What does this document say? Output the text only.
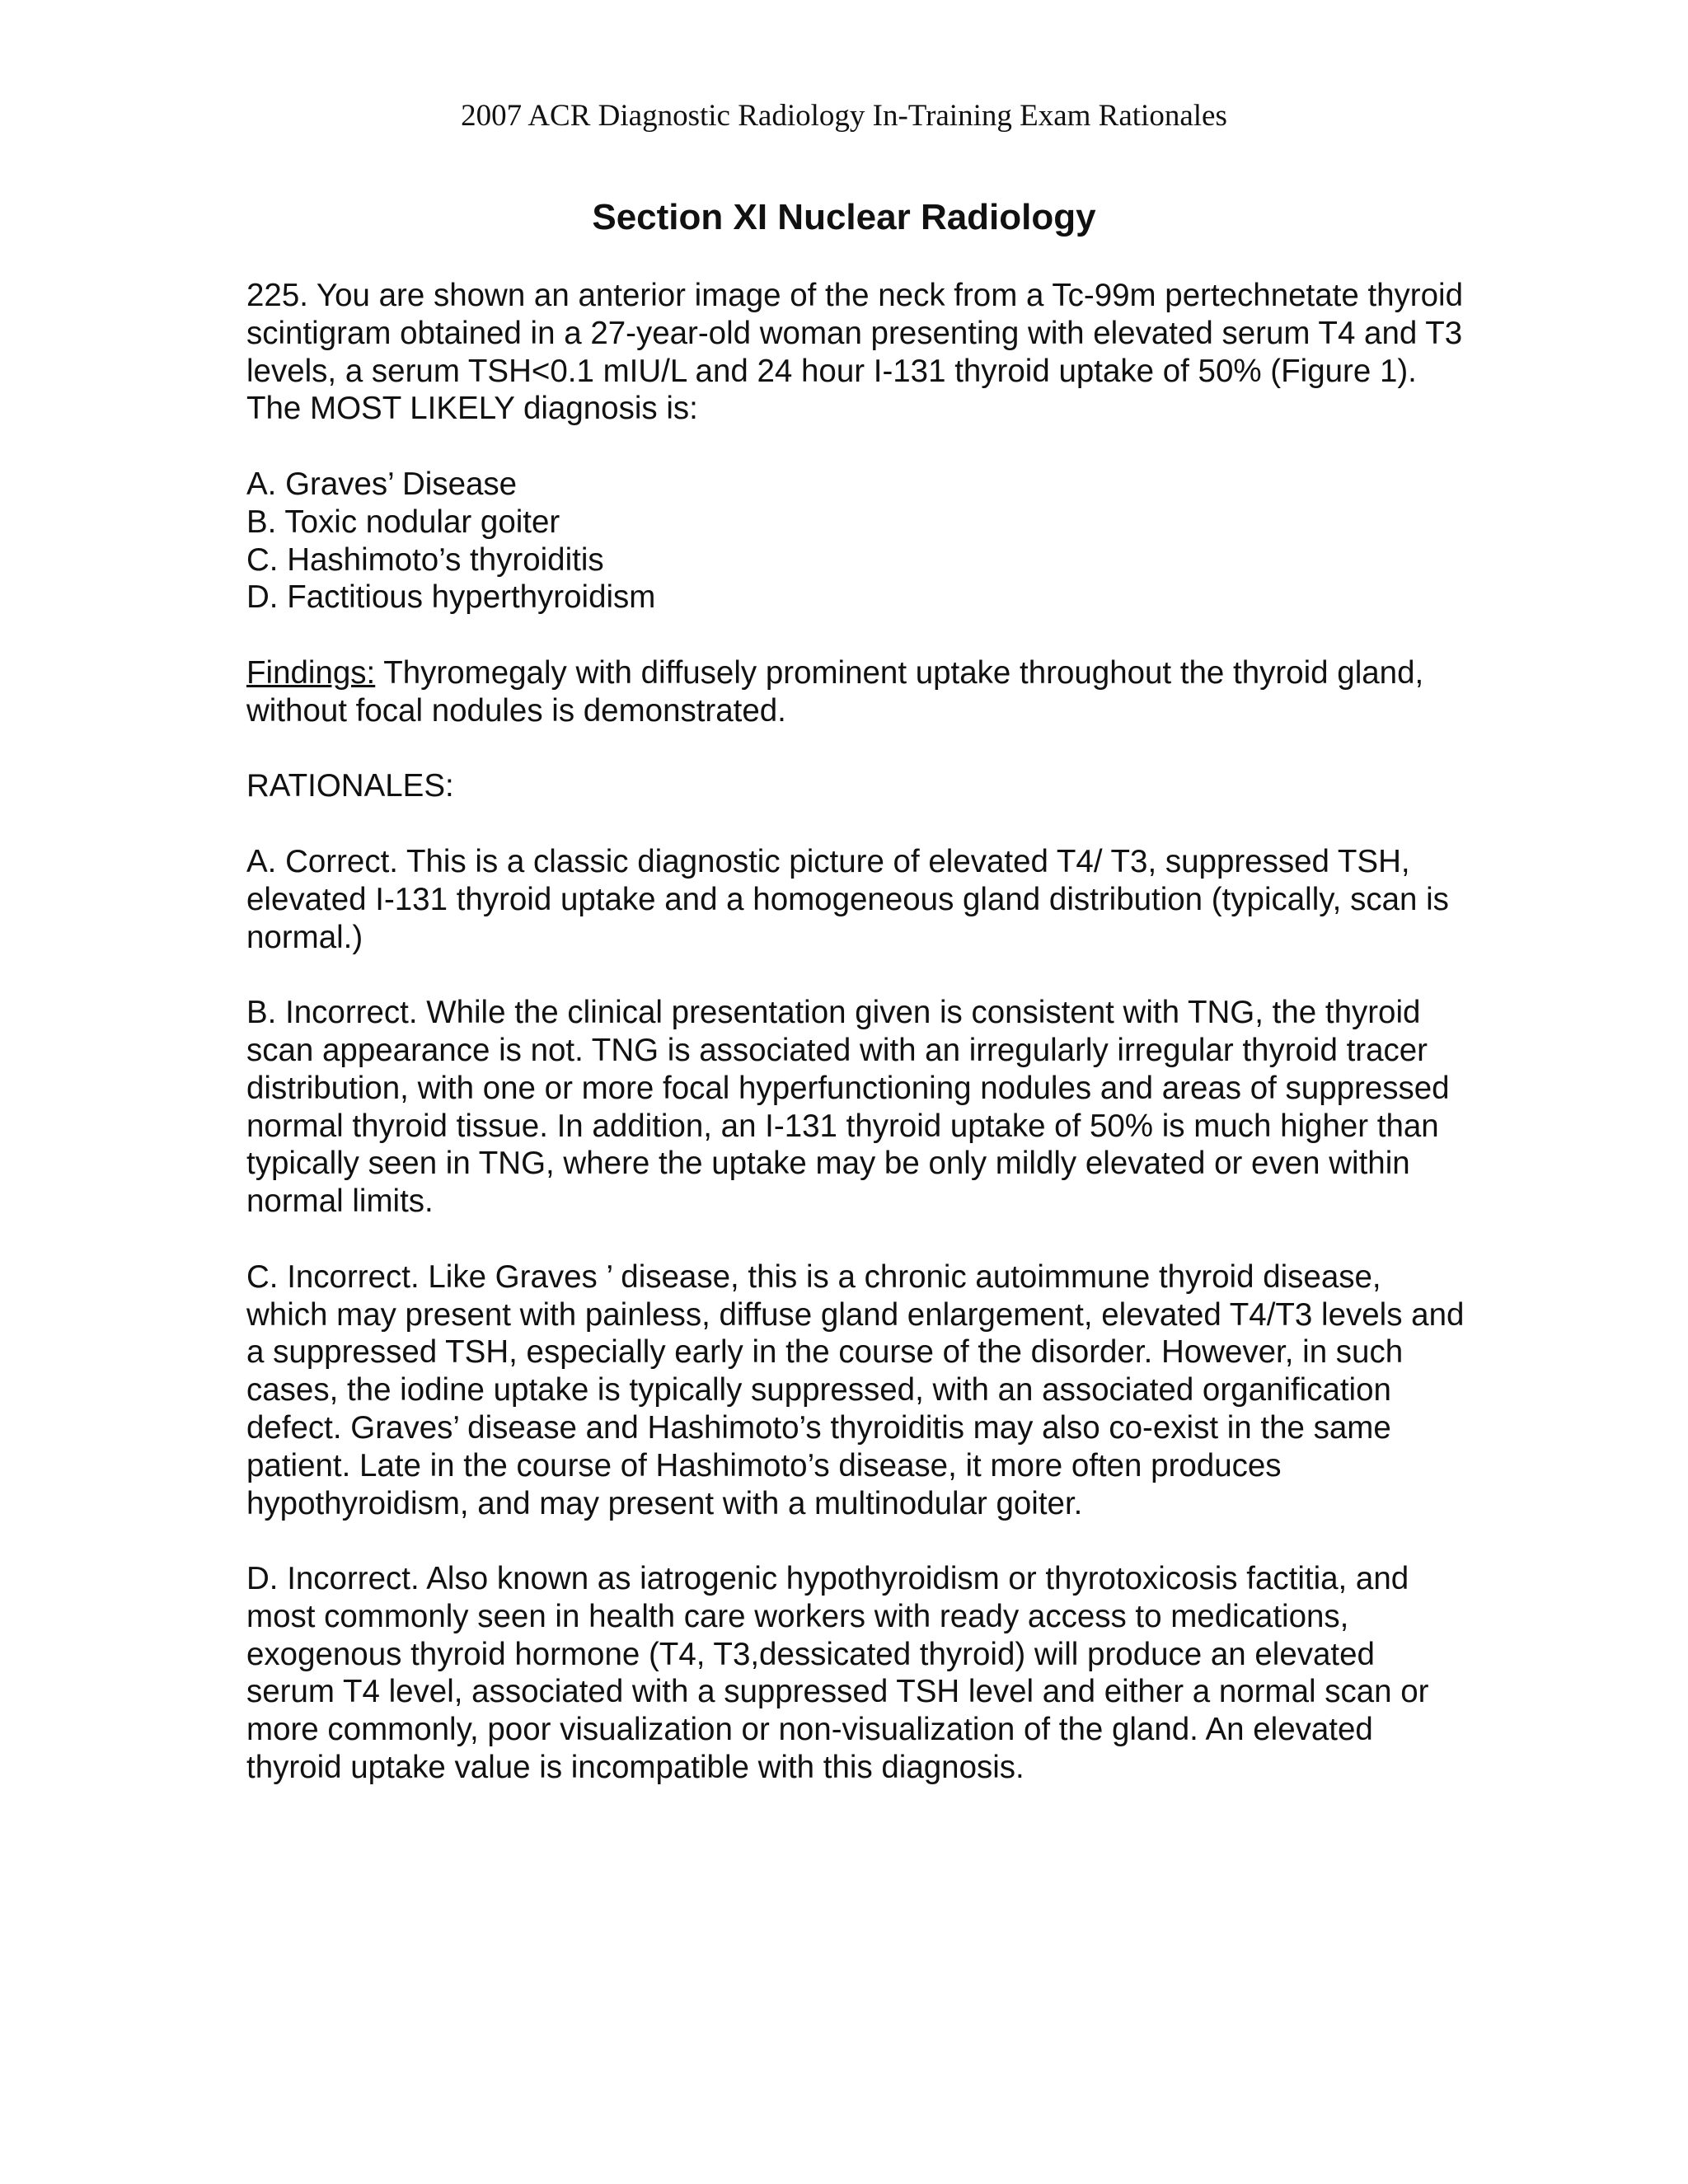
2007 ACR Diagnostic Radiology In-Training Exam Rationales
Section XI Nuclear Radiology

225. You are shown an anterior image of the neck from a Tc-99m pertechnetate thyroid scintigram obtained in a 27-year-old woman presenting with elevated serum T4 and T3 levels, a serum TSH<0.1 mIU/L and 24 hour I-131 thyroid uptake of 50% (Figure 1). The MOST LIKELY diagnosis is:

A. Graves’ Disease
B. Toxic nodular goiter
C. Hashimoto’s thyroiditis
D. Factitious hyperthyroidism

Findings: Thyromegaly with diffusely prominent uptake throughout the thyroid gland, without focal nodules is demonstrated.

RATIONALES:

A. Correct. This is a classic diagnostic picture of elevated T4/ T3, suppressed TSH, elevated I-131 thyroid uptake and a homogeneous gland distribution (typically, scan is normal.)

B. Incorrect. While the clinical presentation given is consistent with TNG, the thyroid scan appearance is not. TNG is associated with an irregularly irregular thyroid tracer distribution, with one or more focal hyperfunctioning nodules and areas of suppressed normal thyroid tissue. In addition, an I-131 thyroid uptake of 50% is much higher than typically seen in TNG, where the uptake may be only mildly elevated or even within normal limits.

C. Incorrect. Like Graves ’ disease, this is a chronic autoimmune thyroid disease, which may present with painless, diffuse gland enlargement, elevated T4/T3 levels and a suppressed TSH, especially early in the course of the disorder. However, in such cases, the iodine uptake is typically suppressed, with an associated organification defect. Graves’ disease and Hashimoto’s thyroiditis may also co-exist in the same patient. Late in the course of Hashimoto’s disease, it more often produces hypothyroidism, and may present with a multinodular goiter.

D. Incorrect. Also known as iatrogenic hypothyroidism or thyrotoxicosis factitia, and most commonly seen in health care workers with ready access to medications, exogenous thyroid hormone (T4, T3,dessicated thyroid) will produce an elevated serum T4 level, associated with a suppressed TSH level and either a normal scan or more commonly, poor visualization or non-visualization of the gland. An elevated thyroid uptake value is incompatible with this diagnosis.
